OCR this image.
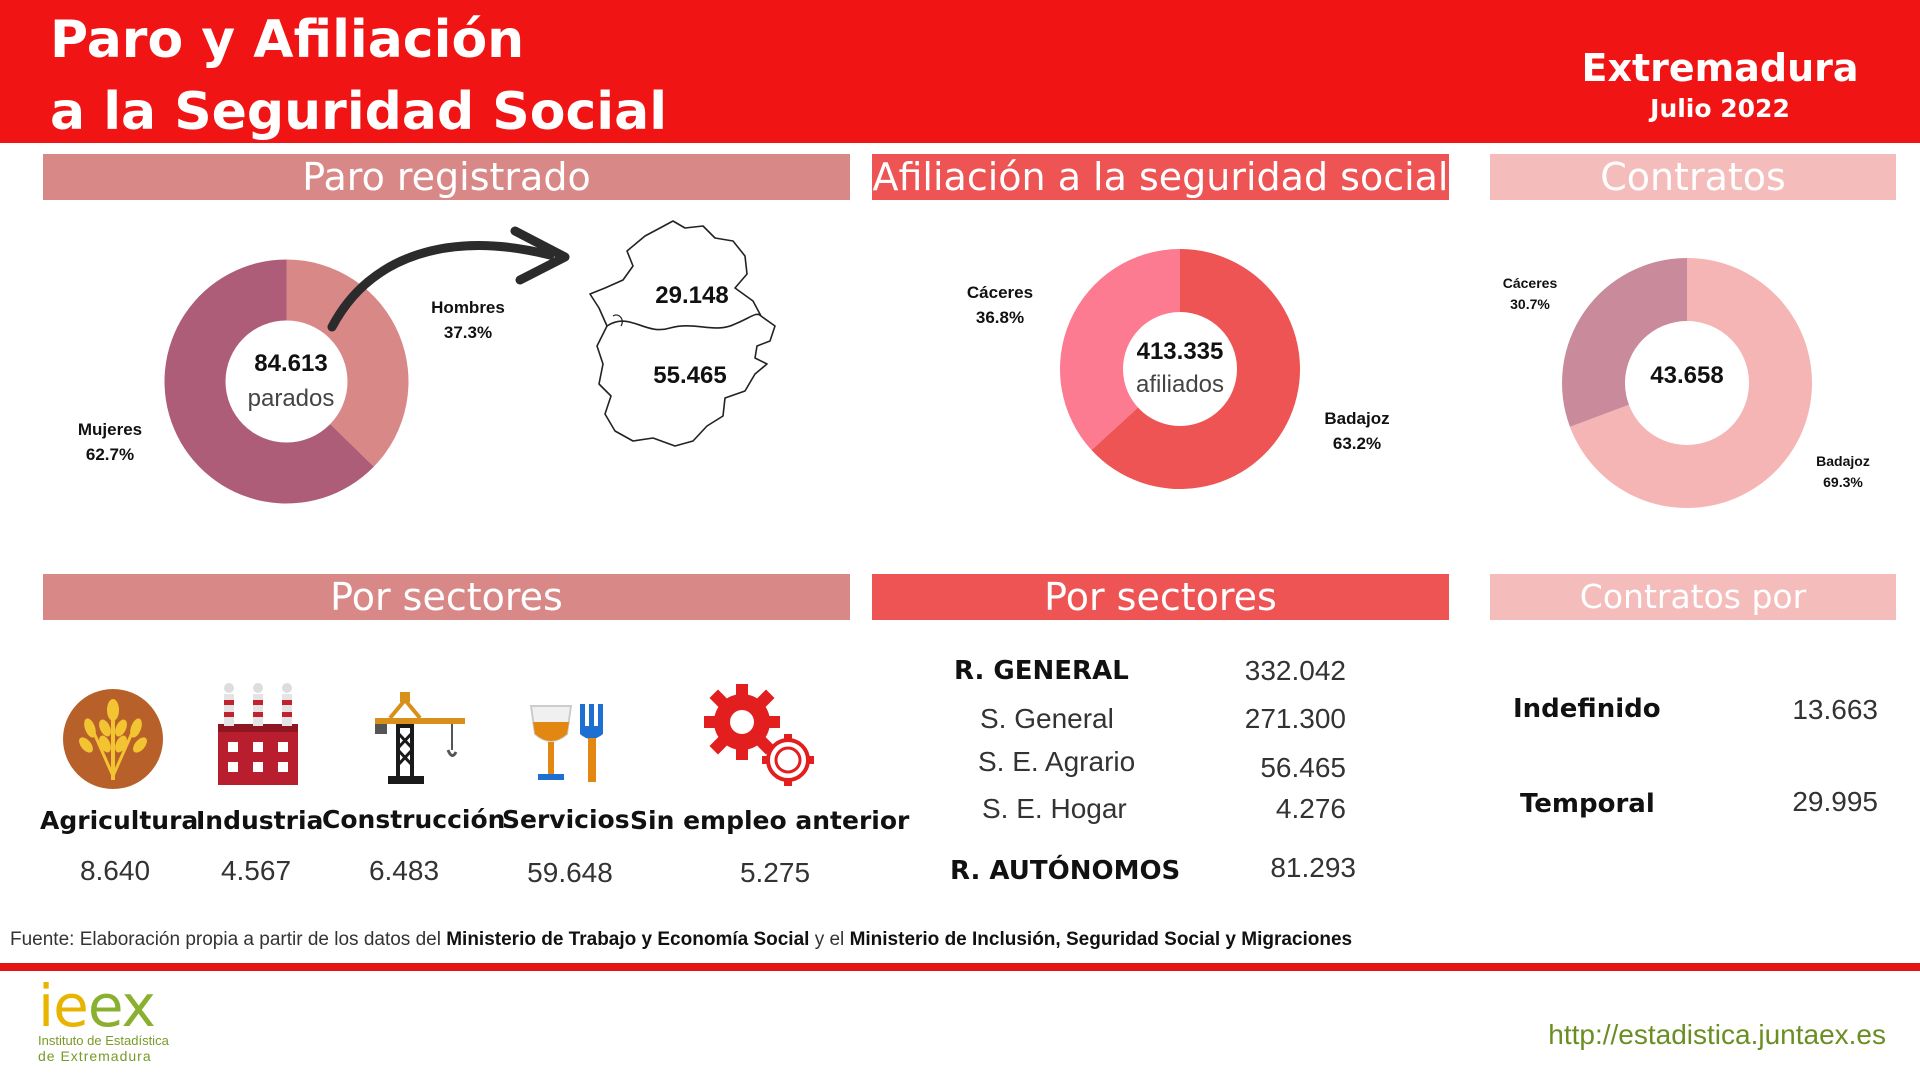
Paro y Afiliación
a la Seguridad Social
Extremadura
Julio 2022
Paro registrado	Afiliación a la seguridad social	Contratos
84.613
parados
Mujeres
62.7%
Hombres
37.3%
29.148
55.465
413.335
afiliados
Cáceres
36.8%
Badajoz
63.2%
43.658
Cáceres
30.7%
Badajoz
69.3%
Por sectores	Por sectores	Contratos por modalidad
Agricultura
8.640
Industria
4.567
Construcción
6.483
Servicios
59.648
Sin empleo anterior
5.275
R. GENERAL	332.042
S. General	271.300
S. E. Agrario	56.465
S. E. Hogar	4.276
R. AUTÓNOMOS	81.293
Indefinido	13.663
Temporal	29.995
Fuente: Elaboración propia a partir de los datos del Ministerio de Trabajo y Economía Social y el Ministerio de Inclusión, Seguridad Social y Migraciones
ieex
Instituto de Estadística
de Extremadura
http://estadistica.juntaex.es
